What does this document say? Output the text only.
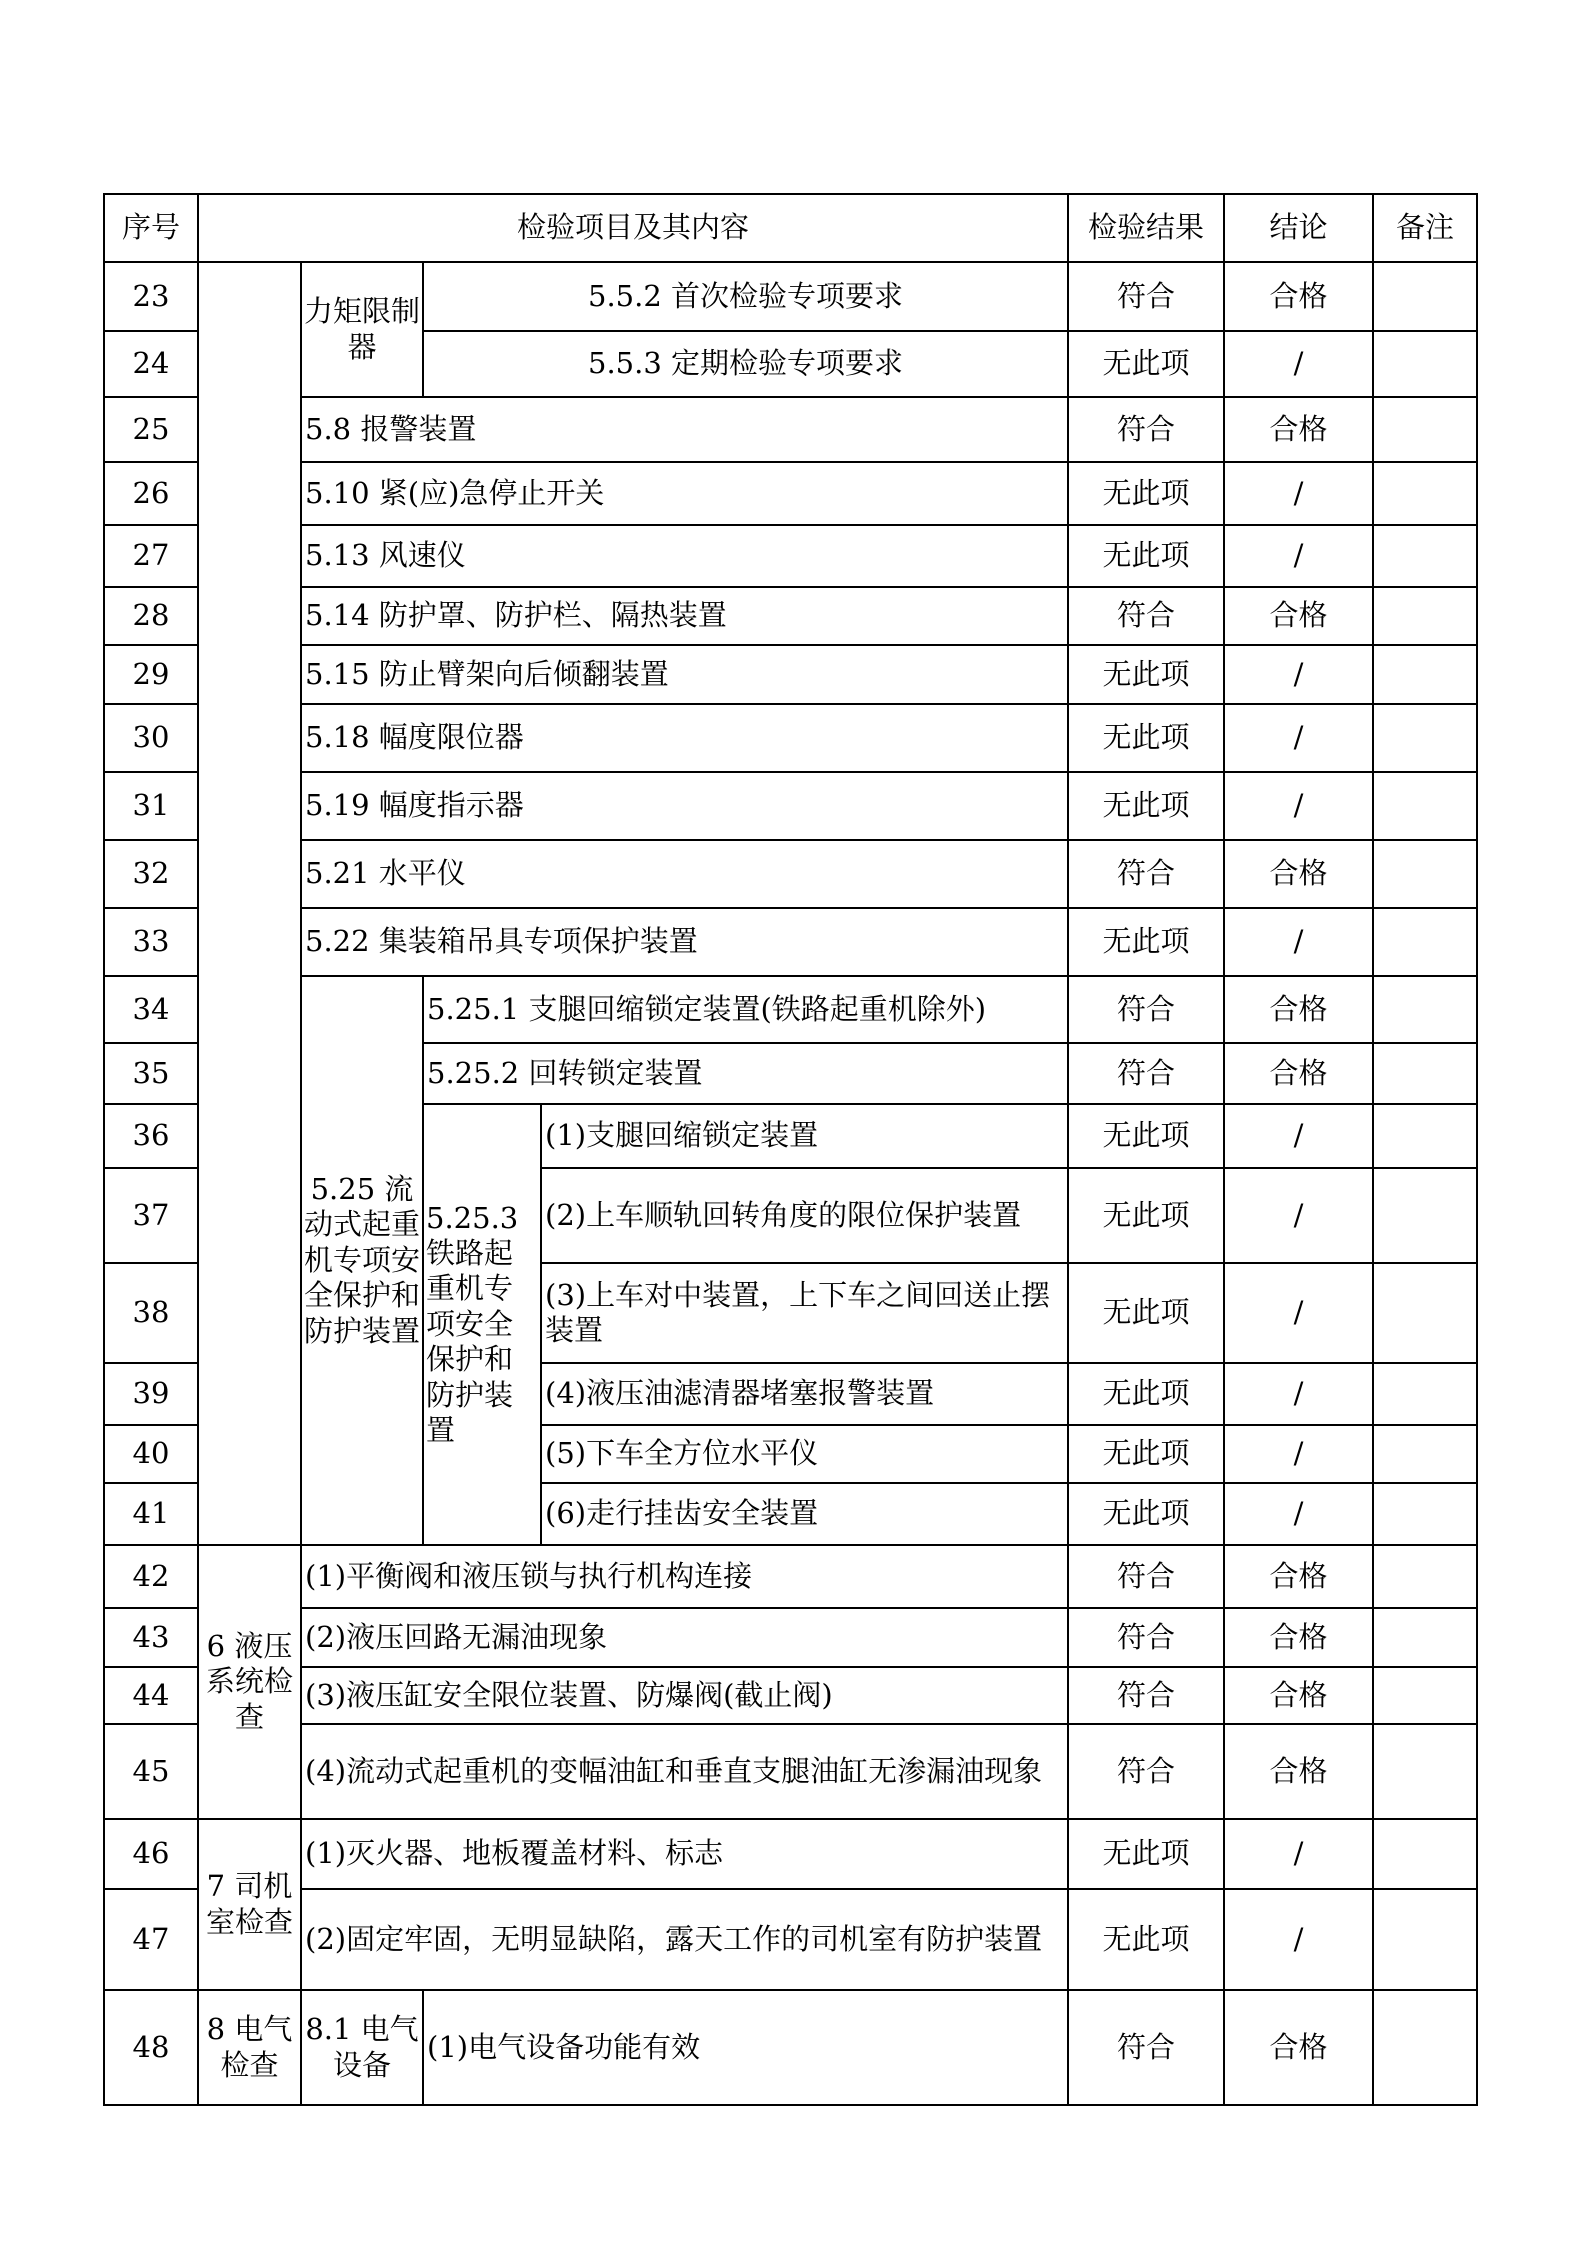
序号	检验项目及其内容				检验结果	结论	备注
23		力矩限制器	5.5.2 首次检验专项要求		符合	合格	
24			5.5.3 定期检验专项要求		无此项	/	
25		5.8 报警装置			符合	合格	
26		5.10 紧(应)急停止开关			无此项	/	
27		5.13 风速仪			无此项	/	
28		5.14 防护罩、防护栏、隔热装置			符合	合格	
29		5.15 防止臂架向后倾翻装置			无此项	/	
30		5.18 幅度限位器			无此项	/	
31		5.19 幅度指示器			无此项	/	
32		5.21 水平仪			符合	合格	
33		5.22 集装箱吊具专项保护装置			无此项	/	
34		5.25 流动式起重机专项安全保护和防护装置	5.25.1 支腿回缩锁定装置(铁路起重机除外)		符合	合格	
35			5.25.2 回转锁定装置		符合	合格	
36			5.25.3 铁路起重机专项安全保护和防护装置	(1)支腿回缩锁定装置	无此项	/	
37				(2)上车顺轨回转角度的限位保护装置	无此项	/	
38				(3)上车对中装置，上下车之间回送止摆装置	无此项	/	
39				(4)液压油滤清器堵塞报警装置	无此项	/	
40				(5)下车全方位水平仪	无此项	/	
41				(6)走行挂齿安全装置	无此项	/	
42	6 液压系统检查	(1)平衡阀和液压锁与执行机构连接			符合	合格	
43		(2)液压回路无漏油现象			符合	合格	
44		(3)液压缸安全限位装置、防爆阀(截止阀)			符合	合格	
45		(4)流动式起重机的变幅油缸和垂直支腿油缸无渗漏油现象			符合	合格	
46	7 司机室检查	(1)灭火器、地板覆盖材料、标志			无此项	/	
47		(2)固定牢固，无明显缺陷，露天工作的司机室有防护装置			无此项	/	
48	8 电气检查	8.1 电气设备	(1)电气设备功能有效		符合	合格	
